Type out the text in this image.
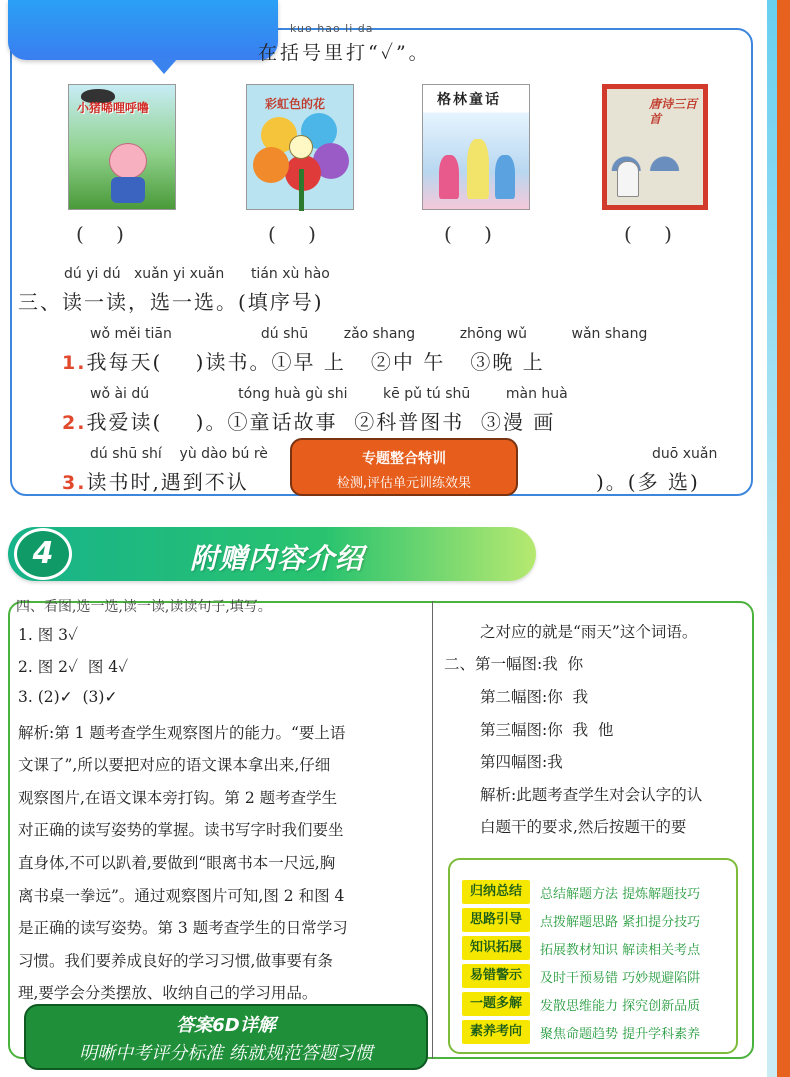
kuo hao li da
在括号里打“✓”。
小猪唏哩呼噜	彩虹色的花	格林童话	唐诗三百首
( )	( )	( )	( )
dú yi dú   xuǎn yi xuǎn      tián xù hào
三、读一读，选一选。(填序号)
wǒ měi tiān                    dú shū        zǎo shang          zhōng wǔ          wǎn shang
1.我每天(    )读书。①早 上   ②中 午   ③晚 上
wǒ ài dú                    tóng huà gù shi        kē pǔ tú shū        màn huà
2.我爱读(    )。①童话故事  ②科普图书  ③漫 画
dú shū shí    yù dào bú rè	duō xuǎn
3.读书时,遇到不认	)。(多 选)
专题整合特训
检测,评估单元训练效果
4	附赠内容介绍
1. 图 3✓
2. 图 2✓  图 4✓
3. (2)✓  (3)✓
解析:第 1 题考查学生观察图片的能力。“要上语
文课了”,所以要把对应的语文课本拿出来,仔细
观察图片,在语文课本旁打钩。第 2 题考查学生
对正确的读写姿势的掌握。读书写字时我们要坐
直身体,不可以趴着,要做到“眼离书本一尺远,胸
离书桌一拳远”。通过观察图片可知,图 2 和图 4
是正确的读写姿势。第 3 题考查学生的日常学习
习惯。我们要养成良好的学习习惯,做事要有条
理,要学会分类摆放、收纳自己的学习用品。
之对应的就是“雨天”这个词语。
二、第一幅图:我  你
第二幅图:你  我
第三幅图:你  我  他
第四幅图:我
解析:此题考查学生对会认字的认
白题干的要求,然后按题干的要
归纳总结	总结解题方法 提炼解题技巧
思路引导	点拨解题思路 紧扣提分技巧
知识拓展	拓展教材知识 解读相关考点
易错警示	及时干预易错 巧妙规避陷阱
一题多解	发散思维能力 探究创新品质
素养考向	聚焦命题趋势 提升学科素养
答案6D详解
明晰中考评分标准 练就规范答题习惯
